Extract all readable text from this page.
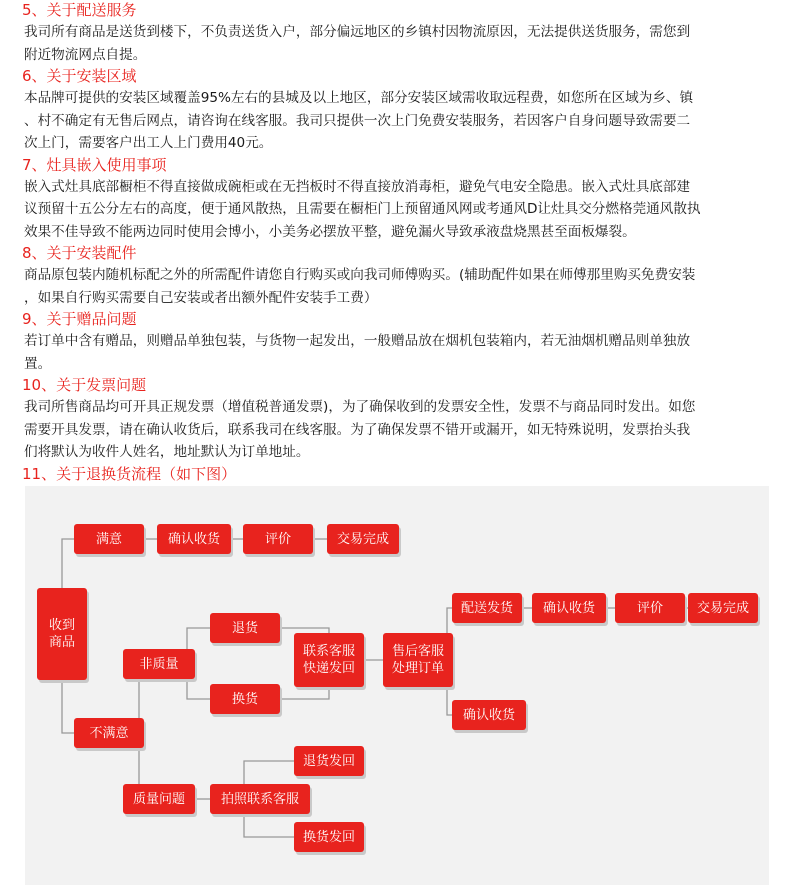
5、关于配送服务
我司所有商品是送货到楼下，不负责送货入户，部分偏远地区的乡镇村因物流原因，无法提供送货服务，需您到
附近物流网点自提。
6、关于安装区域
本品牌可提供的安装区域覆盖95%左右的县城及以上地区，部分安装区域需收取远程费，如您所在区域为乡、镇
、村不确定有无售后网点，请咨询在线客服。我司只提供一次上门免费安装服务，若因客户自身问题导致需要二
次上门，需要客户出工人上门费用40元。
7、灶具嵌入使用事项
嵌入式灶具底部橱柜不得直接做成碗柜或在无挡板时不得直接放消毒柜，避免气电安全隐患。嵌入式灶具底部建
议预留十五公分左右的高度，便于通风散热，且需要在橱柜门上预留通风网或考通风D让灶具交分燃格莞通风散执
效果不佳导致不能两边同时使用会博小，小美务必摆放平整，避免漏火导致承液盘烧黑甚至面板爆裂。
8、关于安装配件
商品原包装内随机标配之外的所需配件请您自行购买或向我司师傅购买。(辅助配件如果在师傅那里购买免费安装
，如果自行购买需要自己安装或者出额外配件安装手工费）
9、关于赠品问题
若订单中含有赠品，则赠品单独包装，与货物一起发出，一般赠品放在烟机包装箱内，若无油烟机赠品则单独放
置。
10、关于发票问题
我司所售商品均可开具正规发票（增值税普通发票)，为了确保收到的发票安全性，发票不与商品同时发出。如您
需要开具发票，请在确认收货后，联系我司在线客服。为了确保发票不错开或漏开，如无特殊说明，发票抬头我
们将默认为收件人姓名，地址默认为订单地址。
11、关于退换货流程（如下图）
收到
商品
满意	确认收货	评价	交易完成
非质量
退货
换货
联系客服
快递发回
售后客服
处理订单
配送发货	确认收货	评价	交易完成
确认收货
不满意
质量问题	拍照联系客服
退货发回
换货发回
